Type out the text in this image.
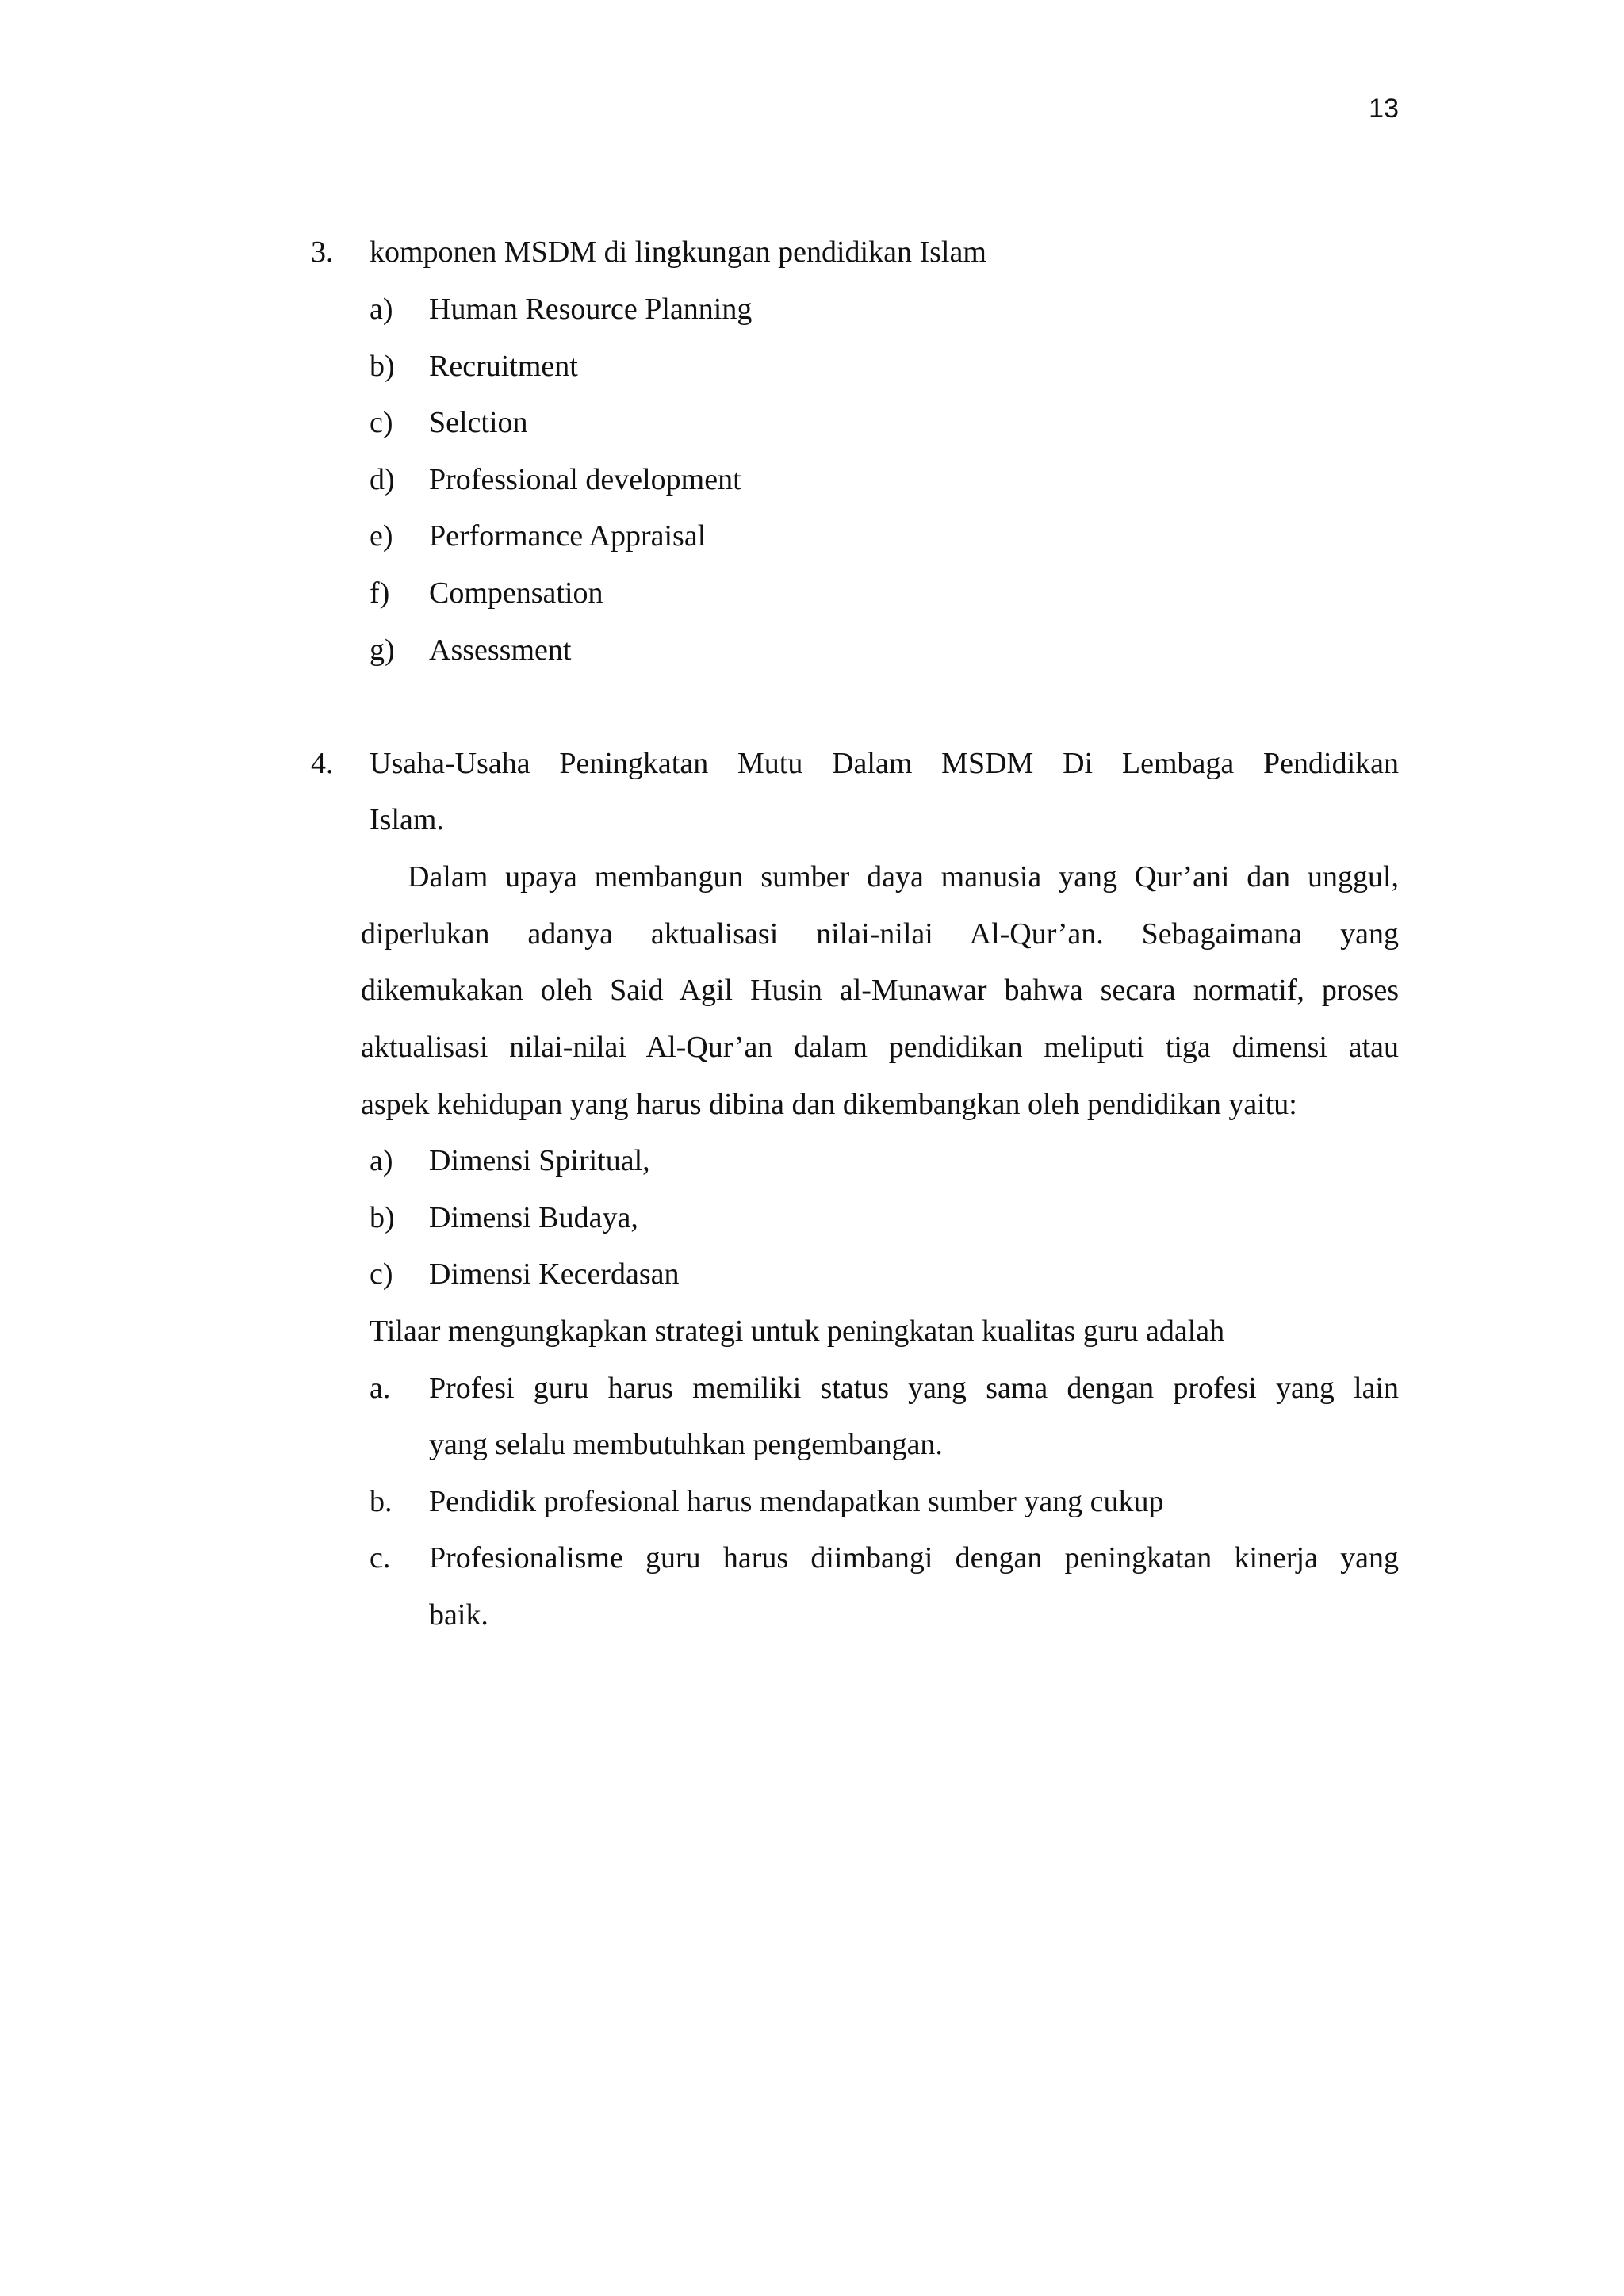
13
3. komponen MSDM di lingkungan pendidikan Islam
a) Human Resource Planning
b) Recruitment
c) Selction
d) Professional development
e) Performance Appraisal
f) Compensation
g) Assessment
4. Usaha-Usaha Peningkatan Mutu Dalam MSDM Di Lembaga Pendidikan
Islam.
Dalam upaya membangun sumber daya manusia yang Qur’ani dan unggul,
diperlukan adanya aktualisasi nilai-nilai Al-Qur’an. Sebagaimana yang
dikemukakan oleh Said Agil Husin al-Munawar bahwa secara normatif, proses
aktualisasi nilai-nilai Al-Qur’an dalam pendidikan meliputi tiga dimensi atau
aspek kehidupan yang harus dibina dan dikembangkan oleh pendidikan yaitu:
a) Dimensi Spiritual,
b) Dimensi Budaya,
c) Dimensi Kecerdasan
Tilaar mengungkapkan strategi untuk peningkatan kualitas guru adalah
a. Profesi guru harus memiliki status yang sama dengan profesi yang lain
yang selalu membutuhkan pengembangan.
b. Pendidik profesional harus mendapatkan sumber yang cukup
c. Profesionalisme guru harus diimbangi dengan peningkatan kinerja yang
baik.
